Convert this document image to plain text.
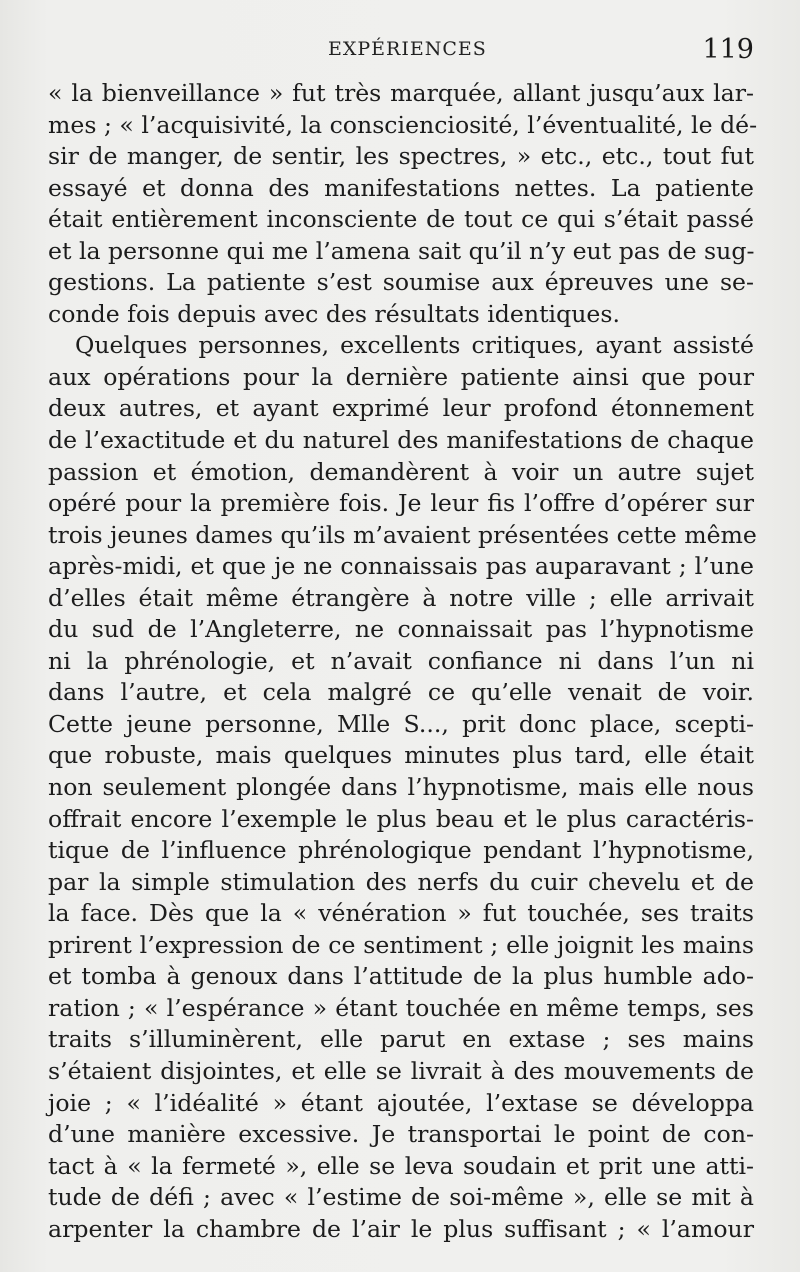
EXPÉRIENCES	119
« la bienveillance » fut très marquée, allant jusqu’aux lar-
mes ; « l’acquisivité, la conscienciosité, l’éventualité, le dé-
sir de manger, de sentir, les spectres, » etc., etc., tout fut
essayé et donna des manifestations nettes. La patiente
était entièrement inconsciente de tout ce qui s’était passé
et la personne qui me l’amena sait qu’il n’y eut pas de sug-
gestions. La patiente s’est soumise aux épreuves une se-
conde fois depuis avec des résultats identiques.
Quelques personnes, excellents critiques, ayant assisté
aux opérations pour la dernière patiente ainsi que pour
deux autres, et ayant exprimé leur profond étonnement
de l’exactitude et du naturel des manifestations de chaque
passion et émotion, demandèrent à voir un autre sujet
opéré pour la première fois. Je leur fis l’offre d’opérer sur
trois jeunes dames qu’ils m’avaient présentées cette même
après-midi, et que je ne connaissais pas auparavant ; l’une
d’elles était même étrangère à notre ville ; elle arrivait
du sud de l’Angleterre, ne connaissait pas l’hypnotisme
ni la phrénologie, et n’avait confiance ni dans l’un ni
dans l’autre, et cela malgré ce qu’elle venait de voir.
Cette jeune personne, Mlle S..., prit donc place, scepti-
que robuste, mais quelques minutes plus tard, elle était
non seulement plongée dans l’hypnotisme, mais elle nous
offrait encore l’exemple le plus beau et le plus caractéris-
tique de l’influence phrénologique pendant l’hypnotisme,
par la simple stimulation des nerfs du cuir chevelu et de
la face. Dès que la « vénération » fut touchée, ses traits
prirent l’expression de ce sentiment ; elle joignit les mains
et tomba à genoux dans l’attitude de la plus humble ado-
ration ; « l’espérance » étant touchée en même temps, ses
traits s’illuminèrent, elle parut en extase ; ses mains
s’étaient disjointes, et elle se livrait à des mouvements de
joie ; « l’idéalité » étant ajoutée, l’extase se développa
d’une manière excessive. Je transportai le point de con-
tact à « la fermeté », elle se leva soudain et prit une atti-
tude de défi ; avec « l’estime de soi-même », elle se mit à
arpenter la chambre de l’air le plus suffisant ; « l’amour
